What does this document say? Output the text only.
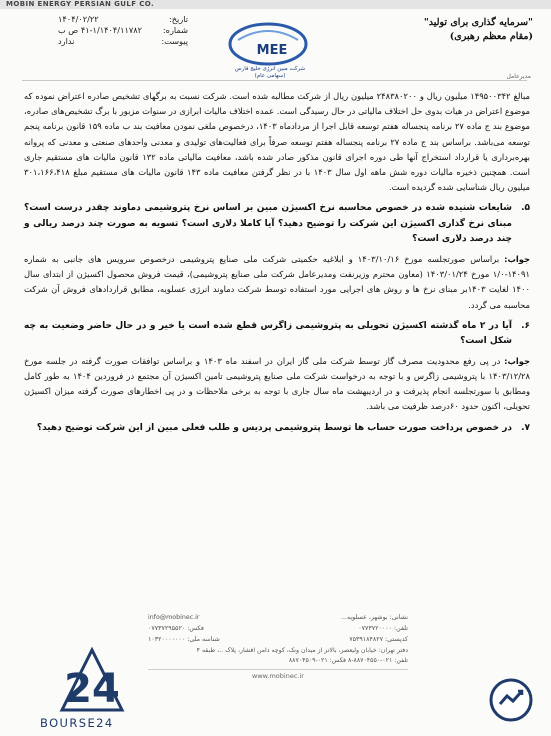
MOBIN ENERGY PERSIAN GULF CO.
تاریخ:
۱۴۰۴/۰۲/۲۲
شماره:
۴۱-۱/۱۴۰۴/۱۱۷۸۲ ص ب
پیوست:
ندارد
MEE
شرکت مبین انرژی خلیج فارس
(سهامی عام)
"سرمایه گذاری برای تولید"
(مقام معظم رهبری)
مدیرعامل

مبالغ ۱۴۹۵۰۰۳۴۲ میلیون ریال و ۲۴۸۳۸۰۲۰۰ میلیون ریال از شرکت مطالبه شده است. شرکت نسبت به برگهای تشخیص صادره اعتراض نموده که موضوع اعتراض در هیات بدوی حل اختلاف مالیاتی در حال رسیدگی است. عمده اختلاف مالیات ابرازی در سنوات مزبور با برگ تشخیص‌های صادره، موضوع بند ج ماده ۲۷ برنامه پنجساله هفتم توسعه قابل اجرا از مردادماه ۱۴۰۳، درخصوص ملغی نمودن معافیت بند ب ماده ۱۵۹ قانون برنامه پنجم توسعه می‌باشد. براساس بند ج ماده ۲۷ برنامه پنجساله هفتم توسعه صرفاً برای فعالیت‌های تولیدی و معدنی واحدهای صنعتی و معدنی که پروانه بهره‌برداری یا قرارداد استخراج آنها طی دوره اجرای قانون مذکور صادر شده باشد، معافیت مالیاتی ماده ۱۳۲ قانون مالیات های مستقیم جاری است. همچنین ذخیره مالیات دوره شش ماهه اول سال ۱۴۰۳ با در نظر گرفتن معافیت ماده ۱۴۳ قانون مالیات های مستقیم مبلغ ۳۰۱،۱۶۶،۴۱۸ میلیون ریال شناسایی شده گردیده است.

۵.
شایعات شنیده شده در خصوص محاسبه نرخ اکسیژن مبین بر اساس نرخ پتروشیمی دماوند چقدر درست است؟ مبنای نرخ گذاری اکسیژن این شرکت را توضیح دهید؟ آیا کاملا دلاری است؟ تسویه به صورت چند درصد ریالی و چند درصد دلاری است؟

جواب: براساس صورتجلسه مورخ ۱۴۰۳/۱۰/۱۶ و ابلاغیه حکمیتی شرکت ملی صنایع پتروشیمی درخصوص سرویس های جانبی به شماره ۱۴۰۹۱-۱/۰ مورخ ۱۴۰۳/۰۱/۲۴ (معاون محترم وزیرنفت ومدیرعامل شرکت ملی صنایع پتروشیمی)، قیمت فروش محصول اکسیژن از ابتدای سال ۱۴۰۰ لغایت ۱۴۰۳بر مبنای نرخ ها و روش های اجرایی مورد استفاده توسط شرکت دماوند انرژی عسلویه، مطابق قراردادهای فروش آن شرکت محاسبه می گردد.

۶.
آیا در ۲ ماه گذشته اکسیژن تحویلی به پتروشیمی زاگرس قطع شده است یا خیر و در حال حاضر وضعیت به چه شکل است؟

جواب: در پی رفع محدودیت مصرف گاز توسط شرکت ملی گاز ایران در اسفند ماه ۱۴۰۳ و براساس توافقات صورت گرفته در جلسه مورخ ۱۴۰۳/۱۲/۲۸ با پتروشیمی زاگرس و با توجه به درخواست شرکت ملی صنایع پتروشیمی تامین اکسیژن آن مجتمع در فروردین ۱۴۰۴ به طور کامل ومطابق با سورتجلسه انجام پذیرفت و در اردیبهشت ماه سال جاری با توجه به برخی ملاحظات و در پی اخطارهای صورت گرفته میزان اکسیژن تحویلی، اکنون حدود ۶۰درصد ظرفیت می باشد.

۷.
در خصوص پرداخت صورت حساب ها توسط پتروشیمی پردیس و طلب فعلی مبین از این شرکت توضیح دهید؟
نشانی: بوشهر، عسلویه...
info@mobinec.ir
تلفن: ۰۷۷۳۷۲۰۰۰۰
فکس: ۰۷۷۳۷۲۹۵۵۲۰
کدپستی: ۷۵۳۹۱۸۴۸۲۷
شناسه ملی: ۱۰۳۲۰۰۰۰۰۰۰
دفتر تهران: خیابان ولیعصر، بالاتر از میدان ونک، کوچه دامن افشار، پلاک ..، طبقه ۴
تلفن: ۰۲۱-۸۸۷۰۴۵۵۰-۸ فکس: ۰۲۱-۸۸۷۰۴۵۰۹
www.mobinec.ir
24
BOURSE24
